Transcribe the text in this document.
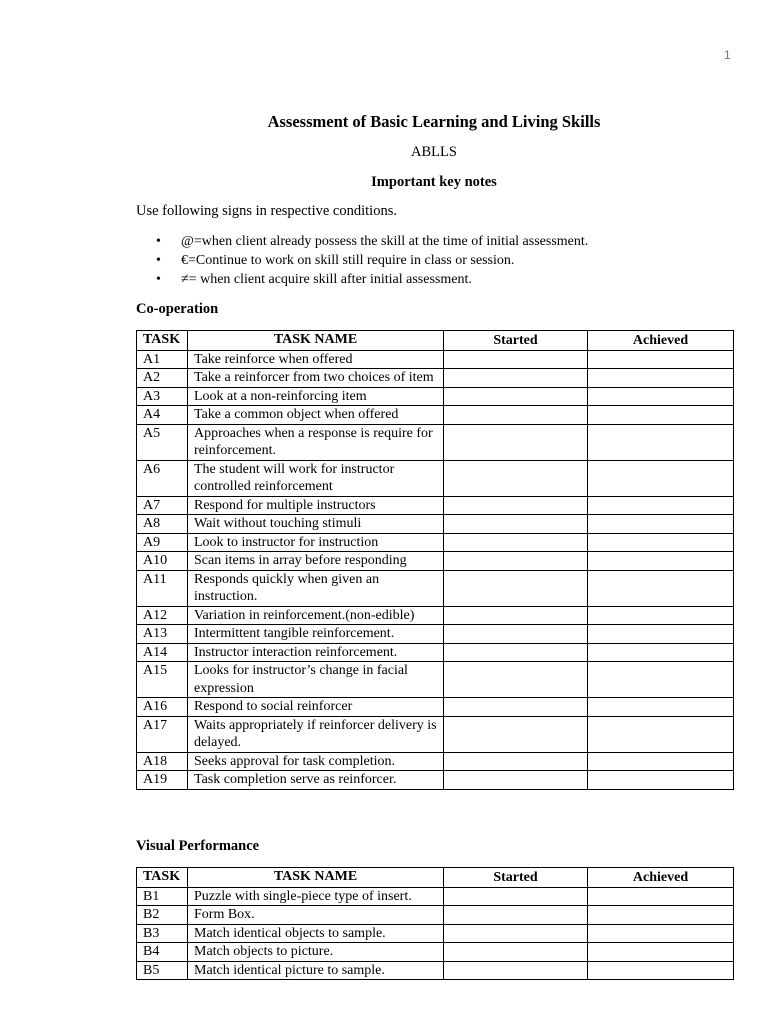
1
Assessment of Basic Learning and Living Skills
ABLLS
Important key notes
Use following signs in respective conditions.
• @=when client already possess the skill at the time of initial assessment.
• €=Continue to work on skill still require in class or session.
• ≠= when client acquire skill after initial assessment.
Co-operation
TASK	TASK NAME	Started	Achieved
A1	Take reinforce when offered		
A2	Take a reinforcer from two choices of item		
A3	Look at a non-reinforcing item		
A4	Take a common object when offered		
A5	Approaches when a response is require for reinforcement.		
A6	The student will work for instructor controlled reinforcement		
A7	Respond for multiple instructors		
A8	Wait without touching stimuli		
A9	Look to instructor for instruction		
A10	Scan items in array before responding		
A11	Responds quickly when given an instruction.		
A12	Variation in reinforcement.(non-edible)		
A13	Intermittent tangible reinforcement.		
A14	Instructor interaction reinforcement.		
A15	Looks for instructor’s change in facial expression		
A16	Respond to social reinforcer		
A17	Waits appropriately if reinforcer delivery is delayed.		
A18	Seeks approval for task completion.		
A19	Task completion serve as reinforcer.		
Visual Performance
TASK	TASK NAME	Started	Achieved
B1	Puzzle with single-piece type of insert.		
B2	Form Box.		
B3	Match identical objects to sample.		
B4	Match objects to picture.		
B5	Match identical picture to sample.		
